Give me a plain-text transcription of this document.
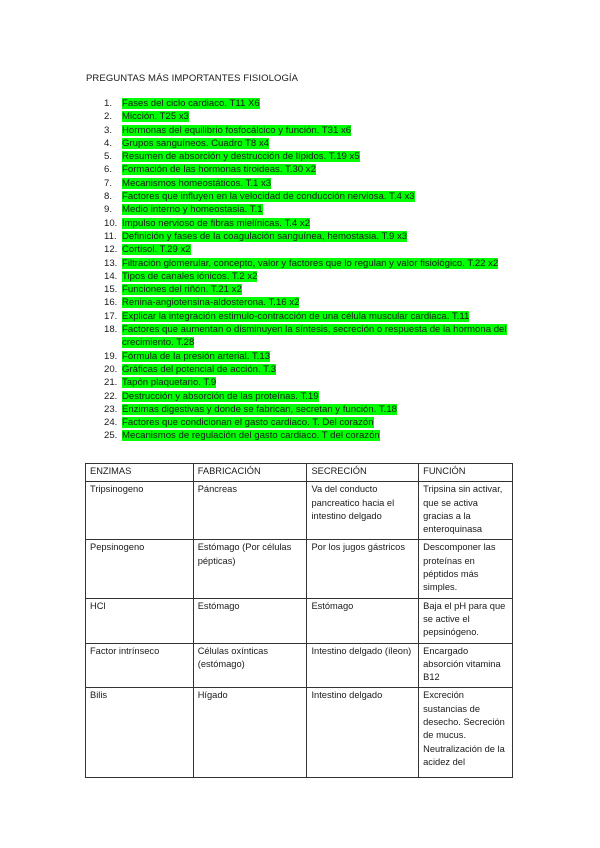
PREGUNTAS MÁS IMPORTANTES FISIOLOGÍA
1. Fases del ciclo cardiaco. T11 X6
2. Micción. T25 x3
3. Hormonas del equilibrio fosfocálcico y función. T31 x6
4. Grupos sanguíneos. Cuadro T8 x4
5. Resumen de absorción y destrucción de lípidos. T.19 x5
6. Formación de las hormonas tiroideas. T.30 x2
7. Mecanismos homeostáticos. T.1 x3
8. Factores que influyen en la velocidad de conducción nerviosa. T.4 x3
9. Medio interno y homeostasia. T.1
10. Impulso nervioso de fibras mielínicas. T.4 x2
11. Definición y fases de la coagulación sanguínea, hemostasia. T.9 x3
12. Cortisol. T.29 x2
13. Filtración glomerular, concepto, valor y factores que lo regulan y valor fisiológico. T.22 x2
14. Tipos de canales iónicos. T.2 x2
15. Funciones del riñón. T.21 x2
16. Renina-angiotensina-aldosterona. T.16 x2
17. Explicar la integración estimulo-contracción de una célula muscular cardiaca. T.11
18. Factores que aumentan o disminuyen la síntesis, secreción o respuesta de la hormona del crecimiento. T.28
19. Fórmula de la presión arterial. T.13
20. Gráficas del potencial de acción. T.3
21. Tapón plaquetario. T.9
22. Destrucción y absorción de las proteínas. T.19
23. Enzimas digestivas y donde se fabrican, secretan y función. T.18
24. Factores que condicionan el gasto cardiaco. T. Del corazón
25. Mecanismos de regulación del gasto cardiaco. T del corazón
ENZIMAS	FABRICACIÓN	SECRECIÓN	FUNCIÓN
Tripsinogeno	Páncreas	Va del conducto pancreatico hacia el intestino delgado	Tripsina sin activar, que se activa gracias a la enteroquinasa
Pepsinogeno	Estómago (Por células pépticas)	Por los jugos gástricos	Descomponer las proteínas en péptidos más simples.
HCl	Estómago	Estómago	Baja el pH para que se active el pepsinógeno.
Factor intrínseco	Células oxínticas (estómago)	Intestino delgado (íleon)	Encargado absorción vitamina B12
Bilis	Hígado	Intestino delgado	Excreción sustancias de desecho. Secreción de mucus. Neutralización de la acidez del
